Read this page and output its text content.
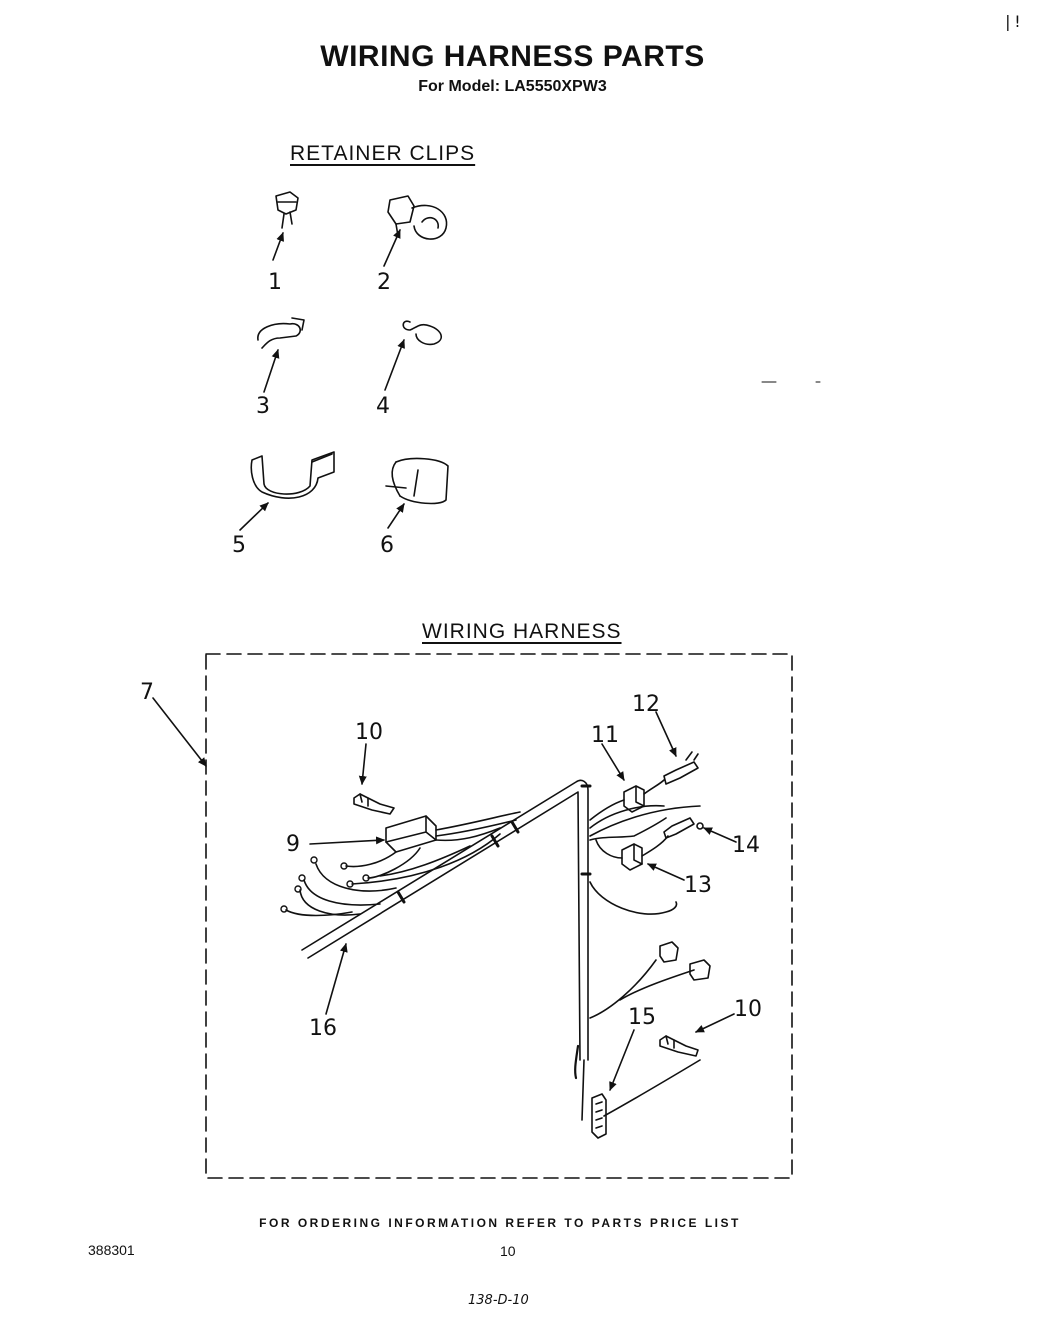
|!
WIRING HARNESS PARTS
For Model: LA5550XPW3
RETAINER CLIPS
WIRING HARNESS
1	2
3	4
5	6
7
9
10
10
11
12
13
14
15
16
FOR ORDERING INFORMATION REFER TO PARTS PRICE LIST
388301	10
138-D-10
